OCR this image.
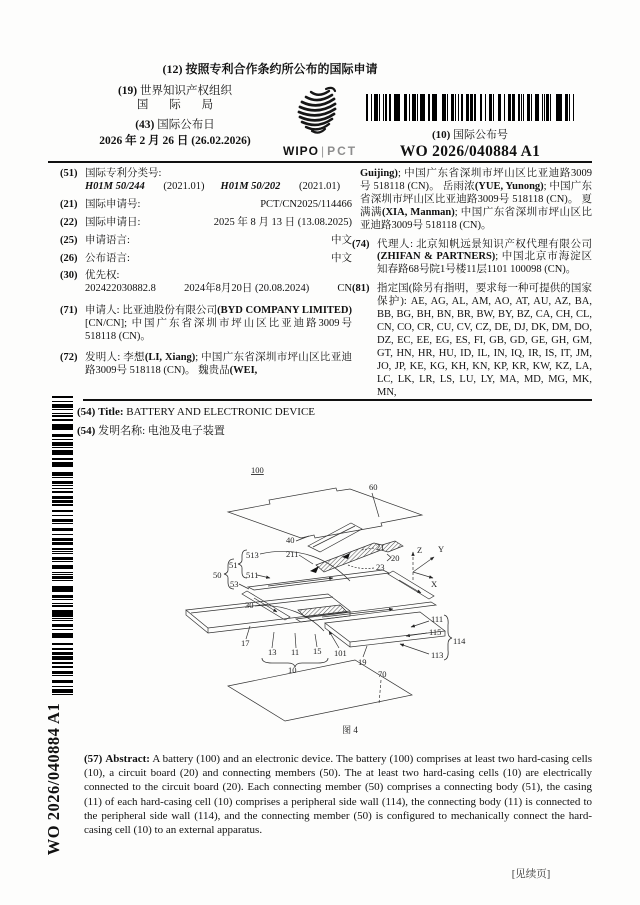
(12) 按照专利合作条约所公布的国际申请
(19) 世界知识产权组织
国 际 局
(43) 国际公布日
2026 年 2 月 26 日 (26.02.2026)
WIPO | PCT
(10) 国际公布号
WO 2026/040884 A1
(51) 国际专利分类号:
H01M 50/244 (2021.01) H01M 50/202 (2021.01)
(21) 国际申请号:	PCT/CN2025/114466
(22) 国际申请日:	2025 年 8 月 13 日 (13.08.2025)
(25) 申请语言:	中文
(26) 公布语言:	中文
(30) 优先权:
202422030882.8	2024年8月20日 (20.08.2024)	CN
(71) 申请人: 比亚迪股份有限公司(BYD COMPANY LIMITED) [CN/CN]; 中国广东省深圳市坪山区比亚迪路3009号 518118 (CN)。
(72) 发明人: 李想(LI, Xiang); 中国广东省深圳市坪山区比亚迪路3009号 518118 (CN)。 魏贵品(WEI,
Guijing); 中国广东省深圳市坪山区比亚迪路3009号 518118 (CN)。 岳雨浓(YUE, Yunong); 中国广东省深圳市坪山区比亚迪路3009号 518118 (CN)。 夏满满(XIA, Manman); 中国广东省深圳市坪山区比亚迪路3009号 518118 (CN)。
(74) 代理人: 北京知帆远景知识产权代理有限公司(ZHIFAN & PARTNERS); 中国北京市海淀区知春路68号院1号楼11层1101 100098 (CN)。
(81) 指定国(除另有指明，要求每一种可提供的国家保护): AE, AG, AL, AM, AO, AT, AU, AZ, BA, BB, BG, BH, BN, BR, BW, BY, BZ, CA, CH, CL, CN, CO, CR, CU, CV, CZ, DE, DJ, DK, DM, DO, DZ, EC, EE, EG, ES, FI, GB, GD, GE, GH, GM, GT, HN, HR, HU, ID, IL, IN, IQ, IR, IS, IT, JM, JO, JP, KE, KG, KH, KN, KP, KR, KW, KZ, LA, LC, LK, LR, LS, LU, LY, MA, MD, MG, MK, MN,
(54) Title: BATTERY AND ELECTRONIC DEVICE
(54) 发明名称: 电池及电子装置
100
60
40
211
21
20
23
513
51
511
50
53
30
17
13 11 15 101
10
19
111
115
114
113
70
Z Y
X
图 4
(57) Abstract: A battery (100) and an electronic device. The battery (100) comprises at least two hard-casing cells (10), a circuit board (20) and connecting members (50). The at least two hard-casing cells (10) are electrically connected to the circuit board (20). Each connecting member (50) comprises a connecting body (51), the casing (11) of each hard-casing cell (10) comprises a peripheral side wall (114), the connecting body (11) is connected to the peripheral side wall (114), and the connecting member (50) is configured to mechanically connect the hard-casing cell (10) to an external apparatus.
WO 2026/040884 A1
[见续页]
